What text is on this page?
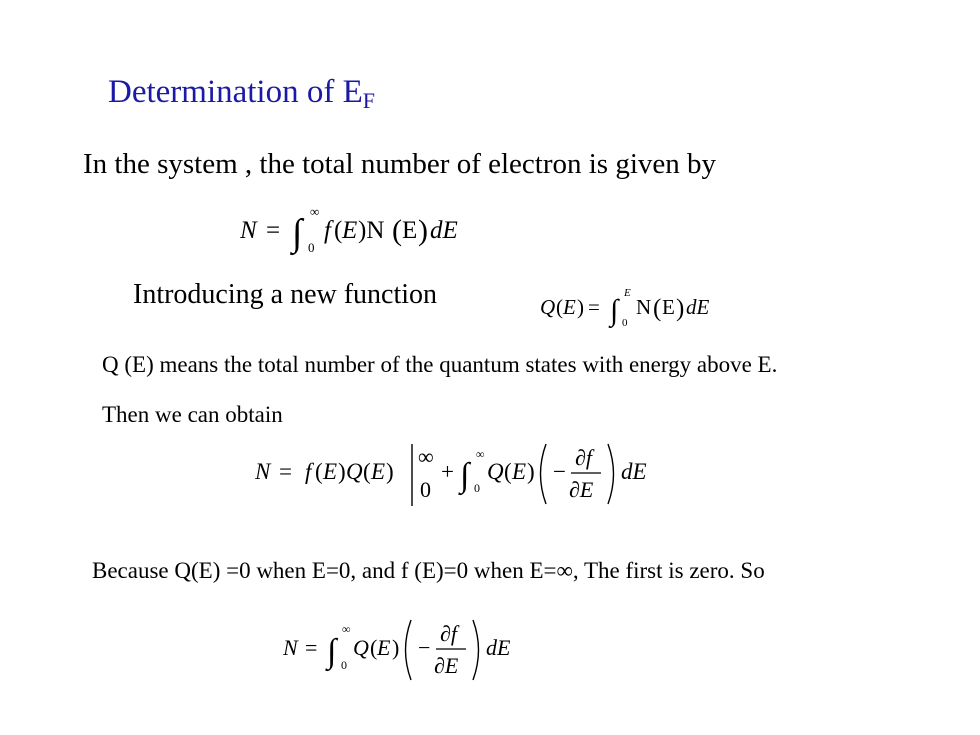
Determination of $E_F$
In the system , the total number of electron is given by
N = ∫
∞
0
f ( E )N ( E ) dE
Introducing a new function	Q ( E ) = ∫
E
0
N ( E ) dE
Q (E) means the total number of the quantum states with energy above E.
Then we can obtain
N = f ( E ) Q ( E )
∞
0
+ ∫
∞
0
Q ( E ) −
∂f
∂E
dE
Because Q(E) =0 when E=0, and f (E)=0 when E=∞, The first is zero. So
N = ∫
∞
0
Q ( E ) −
∂f
∂E
dE
